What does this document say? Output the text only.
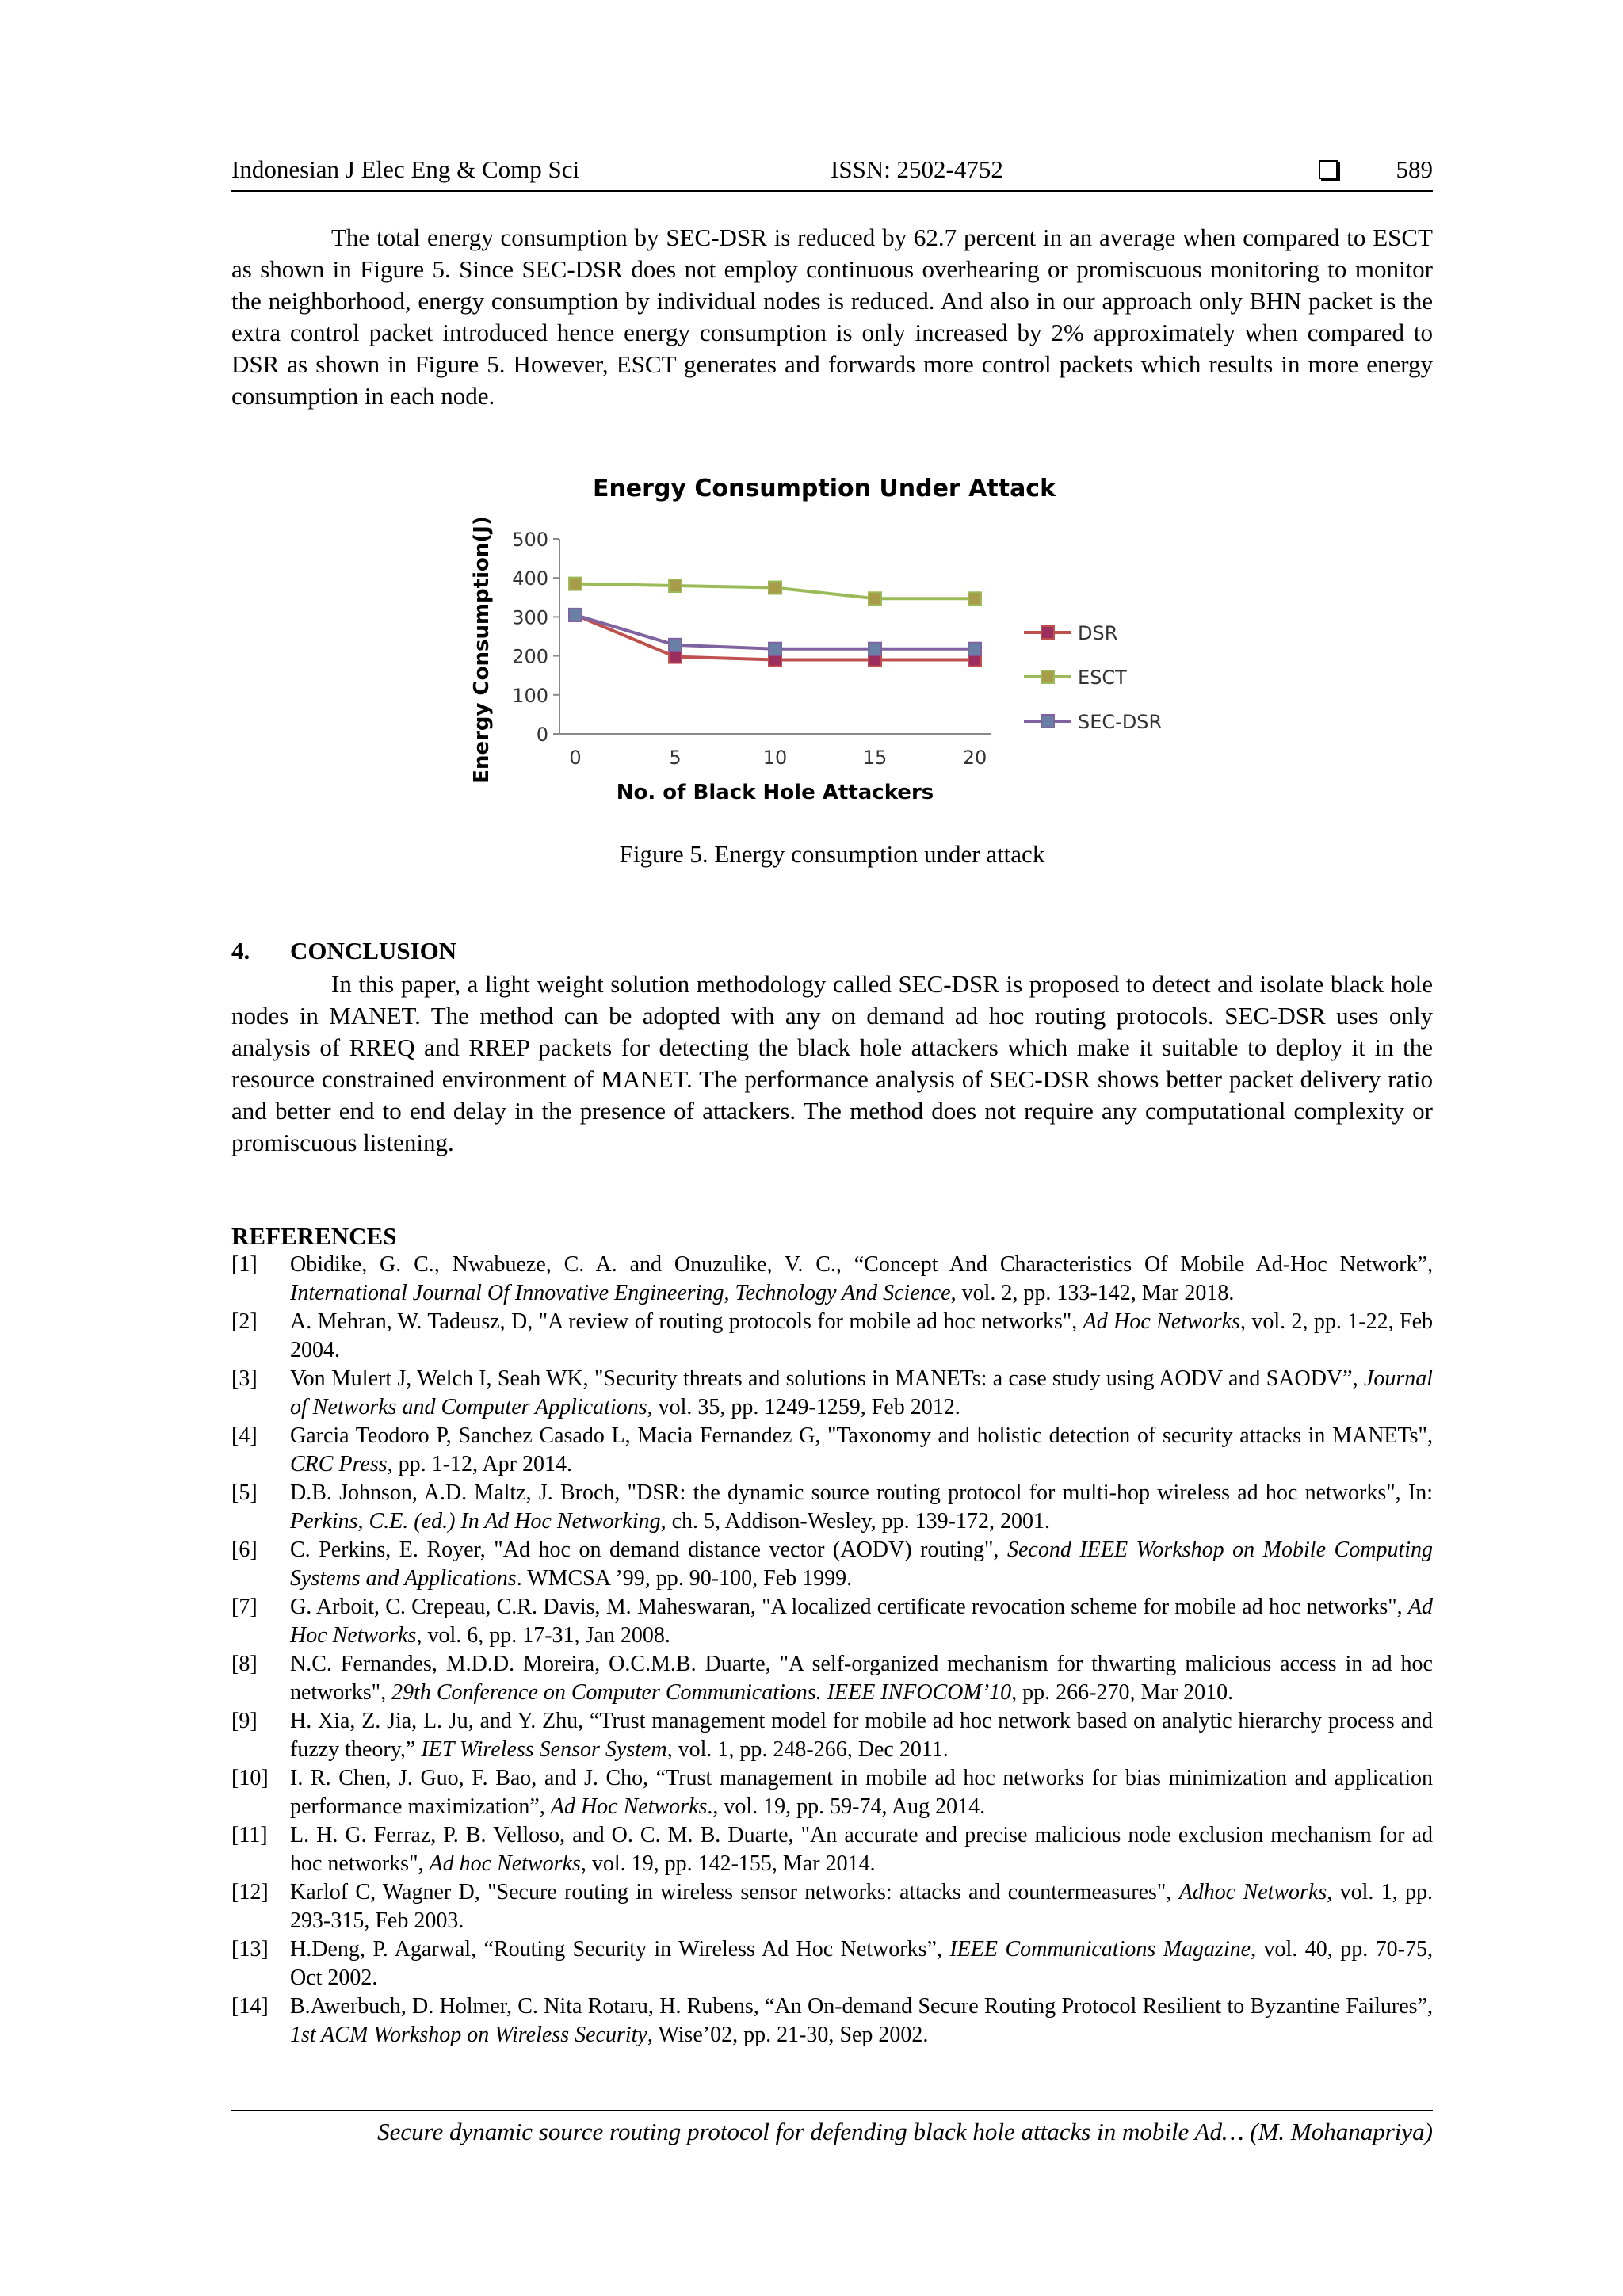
Indonesian J Elec Eng & Comp Sci	ISSN: 2502-4752	589

The total energy consumption by SEC-DSR is reduced by 62.7 percent in an average when compared to ESCT as shown in Figure 5. Since SEC-DSR does not employ continuous overhearing or promiscuous monitoring to monitor the neighborhood, energy consumption by individual nodes is reduced. And also in our approach only BHN packet is the extra control packet introduced hence energy consumption is only increased by 2% approximately when compared to DSR as shown in Figure 5. However, ESCT generates and forwards more control packets which results in more energy consumption in each node.

Energy Consumption Under Attack
0
100
200
300
400
500
0	5	10	15	20
DSR
ESCT
SEC-DSR
No. of Black Hole Attackers
Energy Consumption(J)
Figure 5. Energy consumption under attack
4. CONCLUSION

In this paper, a light weight solution methodology called SEC-DSR is proposed to detect and isolate black hole nodes in MANET. The method can be adopted with any on demand ad hoc routing protocols. SEC-DSR uses only analysis of RREQ and RREP packets for detecting the black hole attackers which make it suitable to deploy it in the resource constrained environment of MANET. The performance analysis of SEC-DSR shows better packet delivery ratio and better end to end delay in the presence of attackers. The method does not require any computational complexity or promiscuous listening.

REFERENCES
[1] Obidike, G. C., Nwabueze, C. A. and Onuzulike, V. C., “Concept And Characteristics Of Mobile Ad-Hoc Network”, International Journal Of Innovative Engineering, Technology And Science, vol. 2, pp. 133-142, Mar 2018.
[2] A. Mehran, W. Tadeusz, D, "A review of routing protocols for mobile ad hoc networks", Ad Hoc Networks, vol. 2, pp. 1-22, Feb 2004.
[3] Von Mulert J, Welch I, Seah WK, "Security threats and solutions in MANETs: a case study using AODV and SAODV”, Journal of Networks and Computer Applications, vol. 35, pp. 1249-1259, Feb 2012.
[4] Garcia Teodoro P, Sanchez Casado L, Macia Fernandez G, "Taxonomy and holistic detection of security attacks in MANETs", CRC Press, pp. 1-12, Apr 2014.
[5] D.B. Johnson, A.D. Maltz, J. Broch, "DSR: the dynamic source routing protocol for multi-hop wireless ad hoc networks", In: Perkins, C.E. (ed.) In Ad Hoc Networking, ch. 5, Addison-Wesley, pp. 139-172, 2001.
[6] C. Perkins, E. Royer, "Ad hoc on demand distance vector (AODV) routing", Second IEEE Workshop on Mobile Computing Systems and Applications. WMCSA ’99, pp. 90-100, Feb 1999.
[7] G. Arboit, C. Crepeau, C.R. Davis, M. Maheswaran, "A localized certificate revocation scheme for mobile ad hoc networks", Ad Hoc Networks, vol. 6, pp. 17-31, Jan 2008.
[8] N.C. Fernandes, M.D.D. Moreira, O.C.M.B. Duarte, "A self-organized mechanism for thwarting malicious access in ad hoc networks", 29th Conference on Computer Communications. IEEE INFOCOM’10, pp. 266-270, Mar 2010.
[9] H. Xia, Z. Jia, L. Ju, and Y. Zhu, “Trust management model for mobile ad hoc network based on analytic hierarchy process and fuzzy theory,” IET Wireless Sensor System, vol. 1, pp. 248-266, Dec 2011.
[10] I. R. Chen, J. Guo, F. Bao, and J. Cho, “Trust management in mobile ad hoc networks for bias minimization and application performance maximization”, Ad Hoc Networks., vol. 19, pp. 59-74, Aug 2014.
[11] L. H. G. Ferraz, P. B. Velloso, and O. C. M. B. Duarte, "An accurate and precise malicious node exclusion mechanism for ad hoc networks", Ad hoc Networks, vol. 19, pp. 142-155, Mar 2014.
[12] Karlof C, Wagner D, "Secure routing in wireless sensor networks: attacks and countermeasures", Adhoc Networks, vol. 1, pp. 293-315, Feb 2003.
[13] H.Deng, P. Agarwal, “Routing Security in Wireless Ad Hoc Networks”, IEEE Communications Magazine, vol. 40, pp. 70-75, Oct 2002.
[14] B.Awerbuch, D. Holmer, C. Nita Rotaru, H. Rubens, “An On-demand Secure Routing Protocol Resilient to Byzantine Failures”, 1st ACM Workshop on Wireless Security, Wise’02, pp. 21-30, Sep 2002.
Secure dynamic source routing protocol for defending black hole attacks in mobile Ad… (M. Mohanapriya)
